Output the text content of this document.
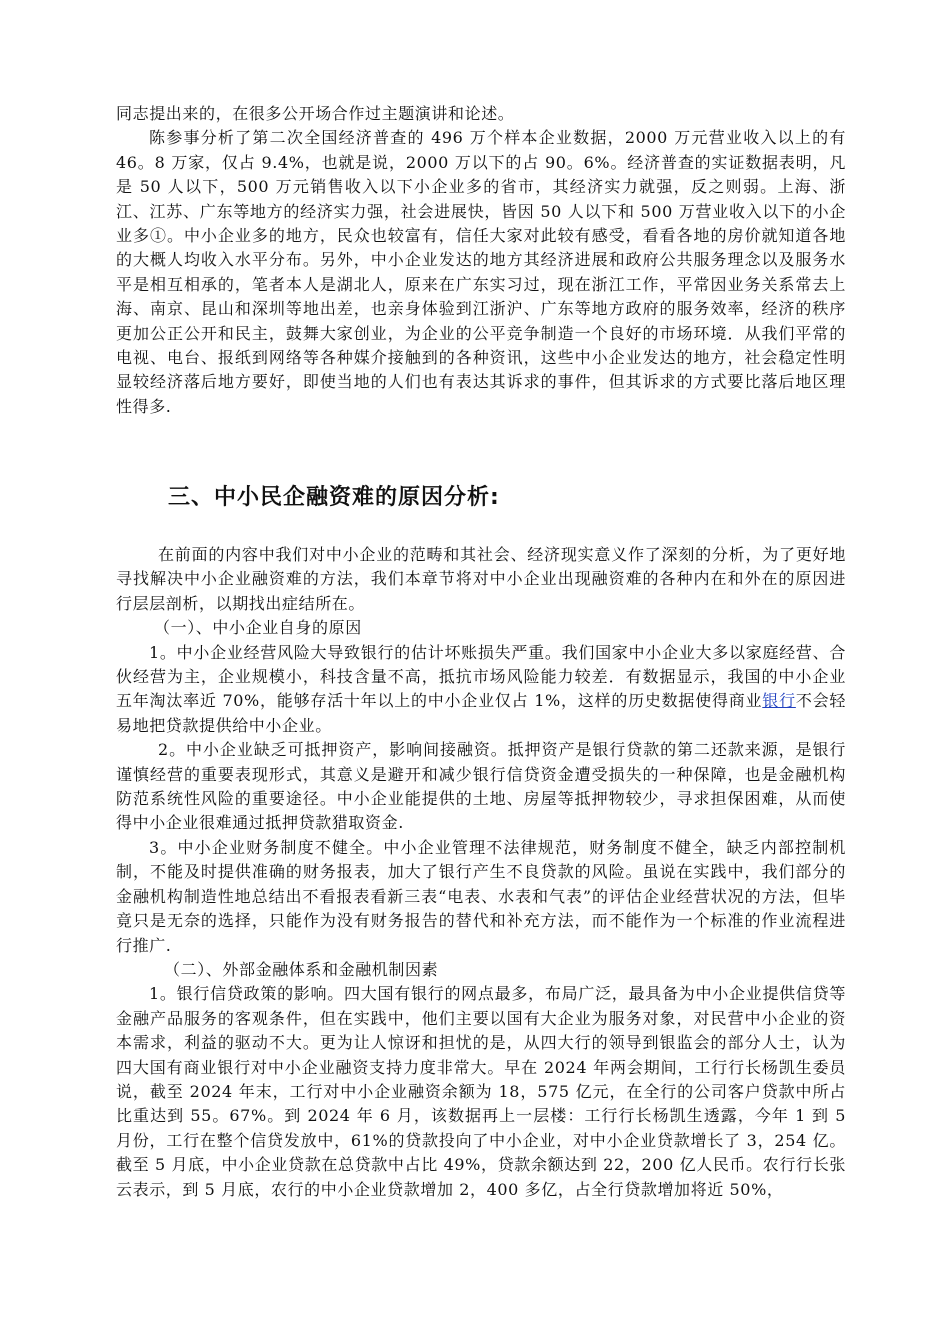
同志提出来的，在很多公开场合作过主题演讲和论述。

陈参事分析了第二次全国经济普查的 496 万个样本企业数据，2000 万元营业收入以上的有 46。8 万家，仅占 9.4%，也就是说，2000 万以下的占 90。6%。经济普查的实证数据表明，凡是 50 人以下，500 万元销售收入以下小企业多的省市，其经济实力就强，反之则弱。上海、浙江、江苏、广东等地方的经济实力强，社会进展快，皆因 50 人以下和 500 万营业收入以下的小企业多①。中小企业多的地方，民众也较富有，信任大家对此较有感受，看看各地的房价就知道各地的大概人均收入水平分布。另外，中小企业发达的地方其经济进展和政府公共服务理念以及服务水平是相互相承的，笔者本人是湖北人，原来在广东实习过，现在浙江工作，平常因业务关系常去上海、南京、昆山和深圳等地出差，也亲身体验到江浙沪、广东等地方政府的服务效率，经济的秩序更加公正公开和民主，鼓舞大家创业，为企业的公平竞争制造一个良好的市场环境．从我们平常的电视、电台、报纸到网络等各种媒介接触到的各种资讯，这些中小企业发达的地方，社会稳定性明显较经济落后地方要好，即使当地的人们也有表达其诉求的事件，但其诉求的方式要比落后地区理性得多.

三、中小民企融资难的原因分析:

在前面的内容中我们对中小企业的范畴和其社会、经济现实意义作了深刻的分析，为了更好地寻找解决中小企业融资难的方法，我们本章节将对中小企业出现融资难的各种内在和外在的原因进行层层剖析，以期找出症结所在。

（一）、中小企业自身的原因

1。中小企业经营风险大导致银行的估计坏账损失严重。我们国家中小企业大多以家庭经营、合伙经营为主，企业规模小，科技含量不高，抵抗市场风险能力较差．有数据显示，我国的中小企业五年淘汰率近 70%，能够存活十年以上的中小企业仅占 1%，这样的历史数据使得商业银行不会轻易地把贷款提供给中小企业。

2。中小企业缺乏可抵押资产，影响间接融资。抵押资产是银行贷款的第二还款来源，是银行谨慎经营的重要表现形式，其意义是避开和减少银行信贷资金遭受损失的一种保障，也是金融机构防范系统性风险的重要途径。中小企业能提供的土地、房屋等抵押物较少，寻求担保困难，从而使得中小企业很难通过抵押贷款猎取资金.

3。中小企业财务制度不健全。中小企业管理不法律规范，财务制度不健全，缺乏内部控制机制，不能及时提供准确的财务报表，加大了银行产生不良贷款的风险。虽说在实践中，我们部分的金融机构制造性地总结出不看报表看新三表“电表、水表和气表”的评估企业经营状况的方法，但毕竟只是无奈的选择，只能作为没有财务报告的替代和补充方法，而不能作为一个标准的作业流程进行推广.

（二）、外部金融体系和金融机制因素

1。银行信贷政策的影响。四大国有银行的网点最多，布局广泛，最具备为中小企业提供信贷等金融产品服务的客观条件，但在实践中，他们主要以国有大企业为服务对象，对民营中小企业的资本需求，利益的驱动不大。更为让人惊讶和担忧的是，从四大行的领导到银监会的部分人士，认为四大国有商业银行对中小企业融资支持力度非常大。早在 2024 年两会期间，工行行长杨凯生委员说，截至 2024 年末，工行对中小企业融资余额为 18，575 亿元，在全行的公司客户贷款中所占比重达到 55。67%。到 2024 年 6 月，该数据再上一层楼：工行行长杨凯生透露，今年 1 到 5 月份，工行在整个信贷发放中，61%的贷款投向了中小企业，对中小企业贷款增长了 3，254 亿。截至 5 月底，中小企业贷款在总贷款中占比 49%，贷款余额达到 22，200 亿人民币。农行行长张云表示，到 5 月底，农行的中小企业贷款增加 2，400 多亿，占全行贷款增加将近 50%，
